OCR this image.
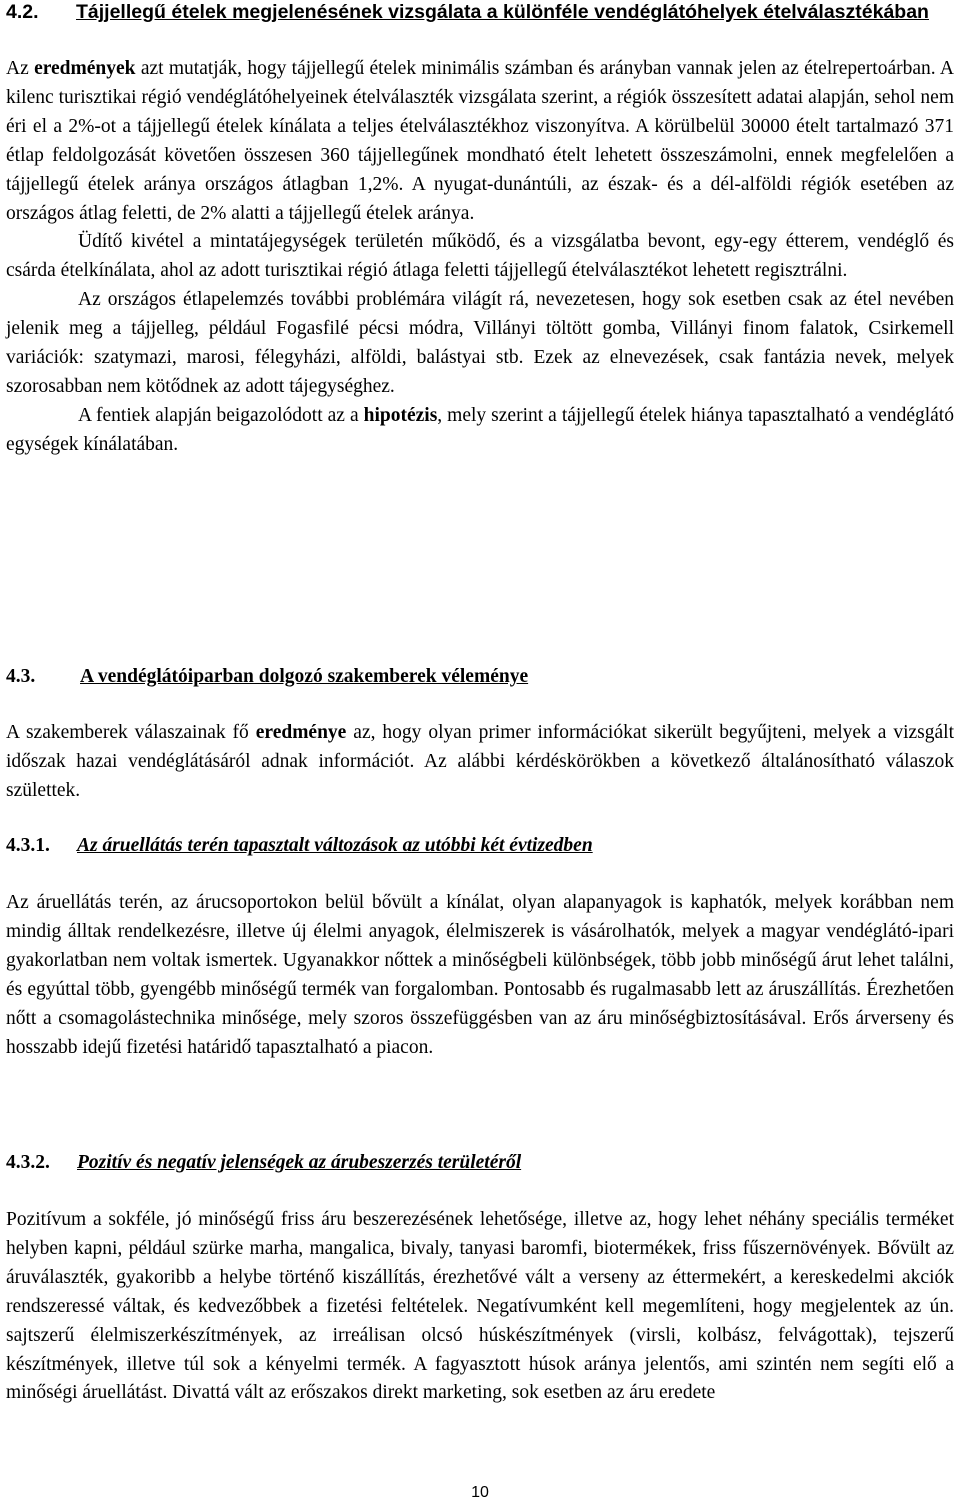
4.2. Tájjellegű ételek megjelenésének vizsgálata a különféle vendéglátóhelyek ételválasztékában

Az eredmények azt mutatják, hogy tájjellegű ételek minimális számban és arányban vannak jelen az ételrepertoárban. A kilenc turisztikai régió vendéglátóhelyeinek ételválaszték vizsgálata szerint, a régiók összesített adatai alapján, sehol nem éri el a 2%-ot a tájjellegű ételek kínálata a teljes ételválasztékhoz viszonyítva. A körülbelül 30000 ételt tartalmazó 371 étlap feldolgozását követően összesen 360 tájjellegűnek mondható ételt lehetett összeszámolni, ennek megfelelően a tájjellegű ételek aránya országos átlagban 1,2%. A nyugat-dunántúli, az észak- és a dél-alföldi régiók esetében az országos átlag feletti, de 2% alatti a tájjellegű ételek aránya.

Üdítő kivétel a mintatájegységek területén működő, és a vizsgálatba bevont, egy-egy étterem, vendéglő és csárda ételkínálata, ahol az adott turisztikai régió átlaga feletti tájjellegű ételválasztékot lehetett regisztrálni.

Az országos étlapelemzés további problémára világít rá, nevezetesen, hogy sok esetben csak az étel nevében jelenik meg a tájjelleg, például Fogasfilé pécsi módra, Villányi töltött gomba, Villányi finom falatok, Csirkemell variációk: szatymazi, marosi, félegyházi, alföldi, balástyai stb. Ezek az elnevezések, csak fantázia nevek, melyek szorosabban nem kötődnek az adott tájegységhez.

A fentiek alapján beigazolódott az a hipotézis, mely szerint a tájjellegű ételek hiánya tapasztalható a vendéglátó egységek kínálatában.

4.3. A vendéglátóiparban dolgozó szakemberek véleménye

A szakemberek válaszainak fő eredménye az, hogy olyan primer információkat sikerült begyűjteni, melyek a vizsgált időszak hazai vendéglátásáról adnak információt. Az alábbi kérdéskörökben a következő általánosítható válaszok születtek.

4.3.1. Az áruellátás terén tapasztalt változások az utóbbi két évtizedben

Az áruellátás terén, az árucsoportokon belül bővült a kínálat, olyan alapanyagok is kaphatók, melyek korábban nem mindig álltak rendelkezésre, illetve új élelmi anyagok, élelmiszerek is vásárolhatók, melyek a magyar vendéglátó-ipari gyakorlatban nem voltak ismertek. Ugyanakkor nőttek a minőségbeli különbségek, több jobb minőségű árut lehet találni, és egyúttal több, gyengébb minőségű termék van forgalomban. Pontosabb és rugalmasabb lett az áruszállítás. Érezhetően nőtt a csomagolástechnika minősége, mely szoros összefüggésben van az áru minőségbiztosításával. Erős árverseny és hosszabb idejű fizetési határidő tapasztalható a piacon.

4.3.2. Pozitív és negatív jelenségek az árubeszerzés területéről

Pozitívum a sokféle, jó minőségű friss áru beszerezésének lehetősége, illetve az, hogy lehet néhány speciális terméket helyben kapni, például szürke marha, mangalica, bivaly, tanyasi baromfi, biotermékek, friss fűszernövények. Bővült az áruválaszték, gyakoribb a helybe történő kiszállítás, érezhetővé vált a verseny az éttermekért, a kereskedelmi akciók rendszeressé váltak, és kedvezőbbek a fizetési feltételek. Negatívumként kell megemlíteni, hogy megjelentek az ún. sajtszerű élelmiszerkészítmények, az irreálisan olcsó húskészítmények (virsli, kolbász, felvágottak), tejszerű készítmények, illetve túl sok a kényelmi termék. A fagyasztott húsok aránya jelentős, ami szintén nem segíti elő a minőségi áruellátást. Divattá vált az erőszakos direkt marketing, sok esetben az áru eredete

10
